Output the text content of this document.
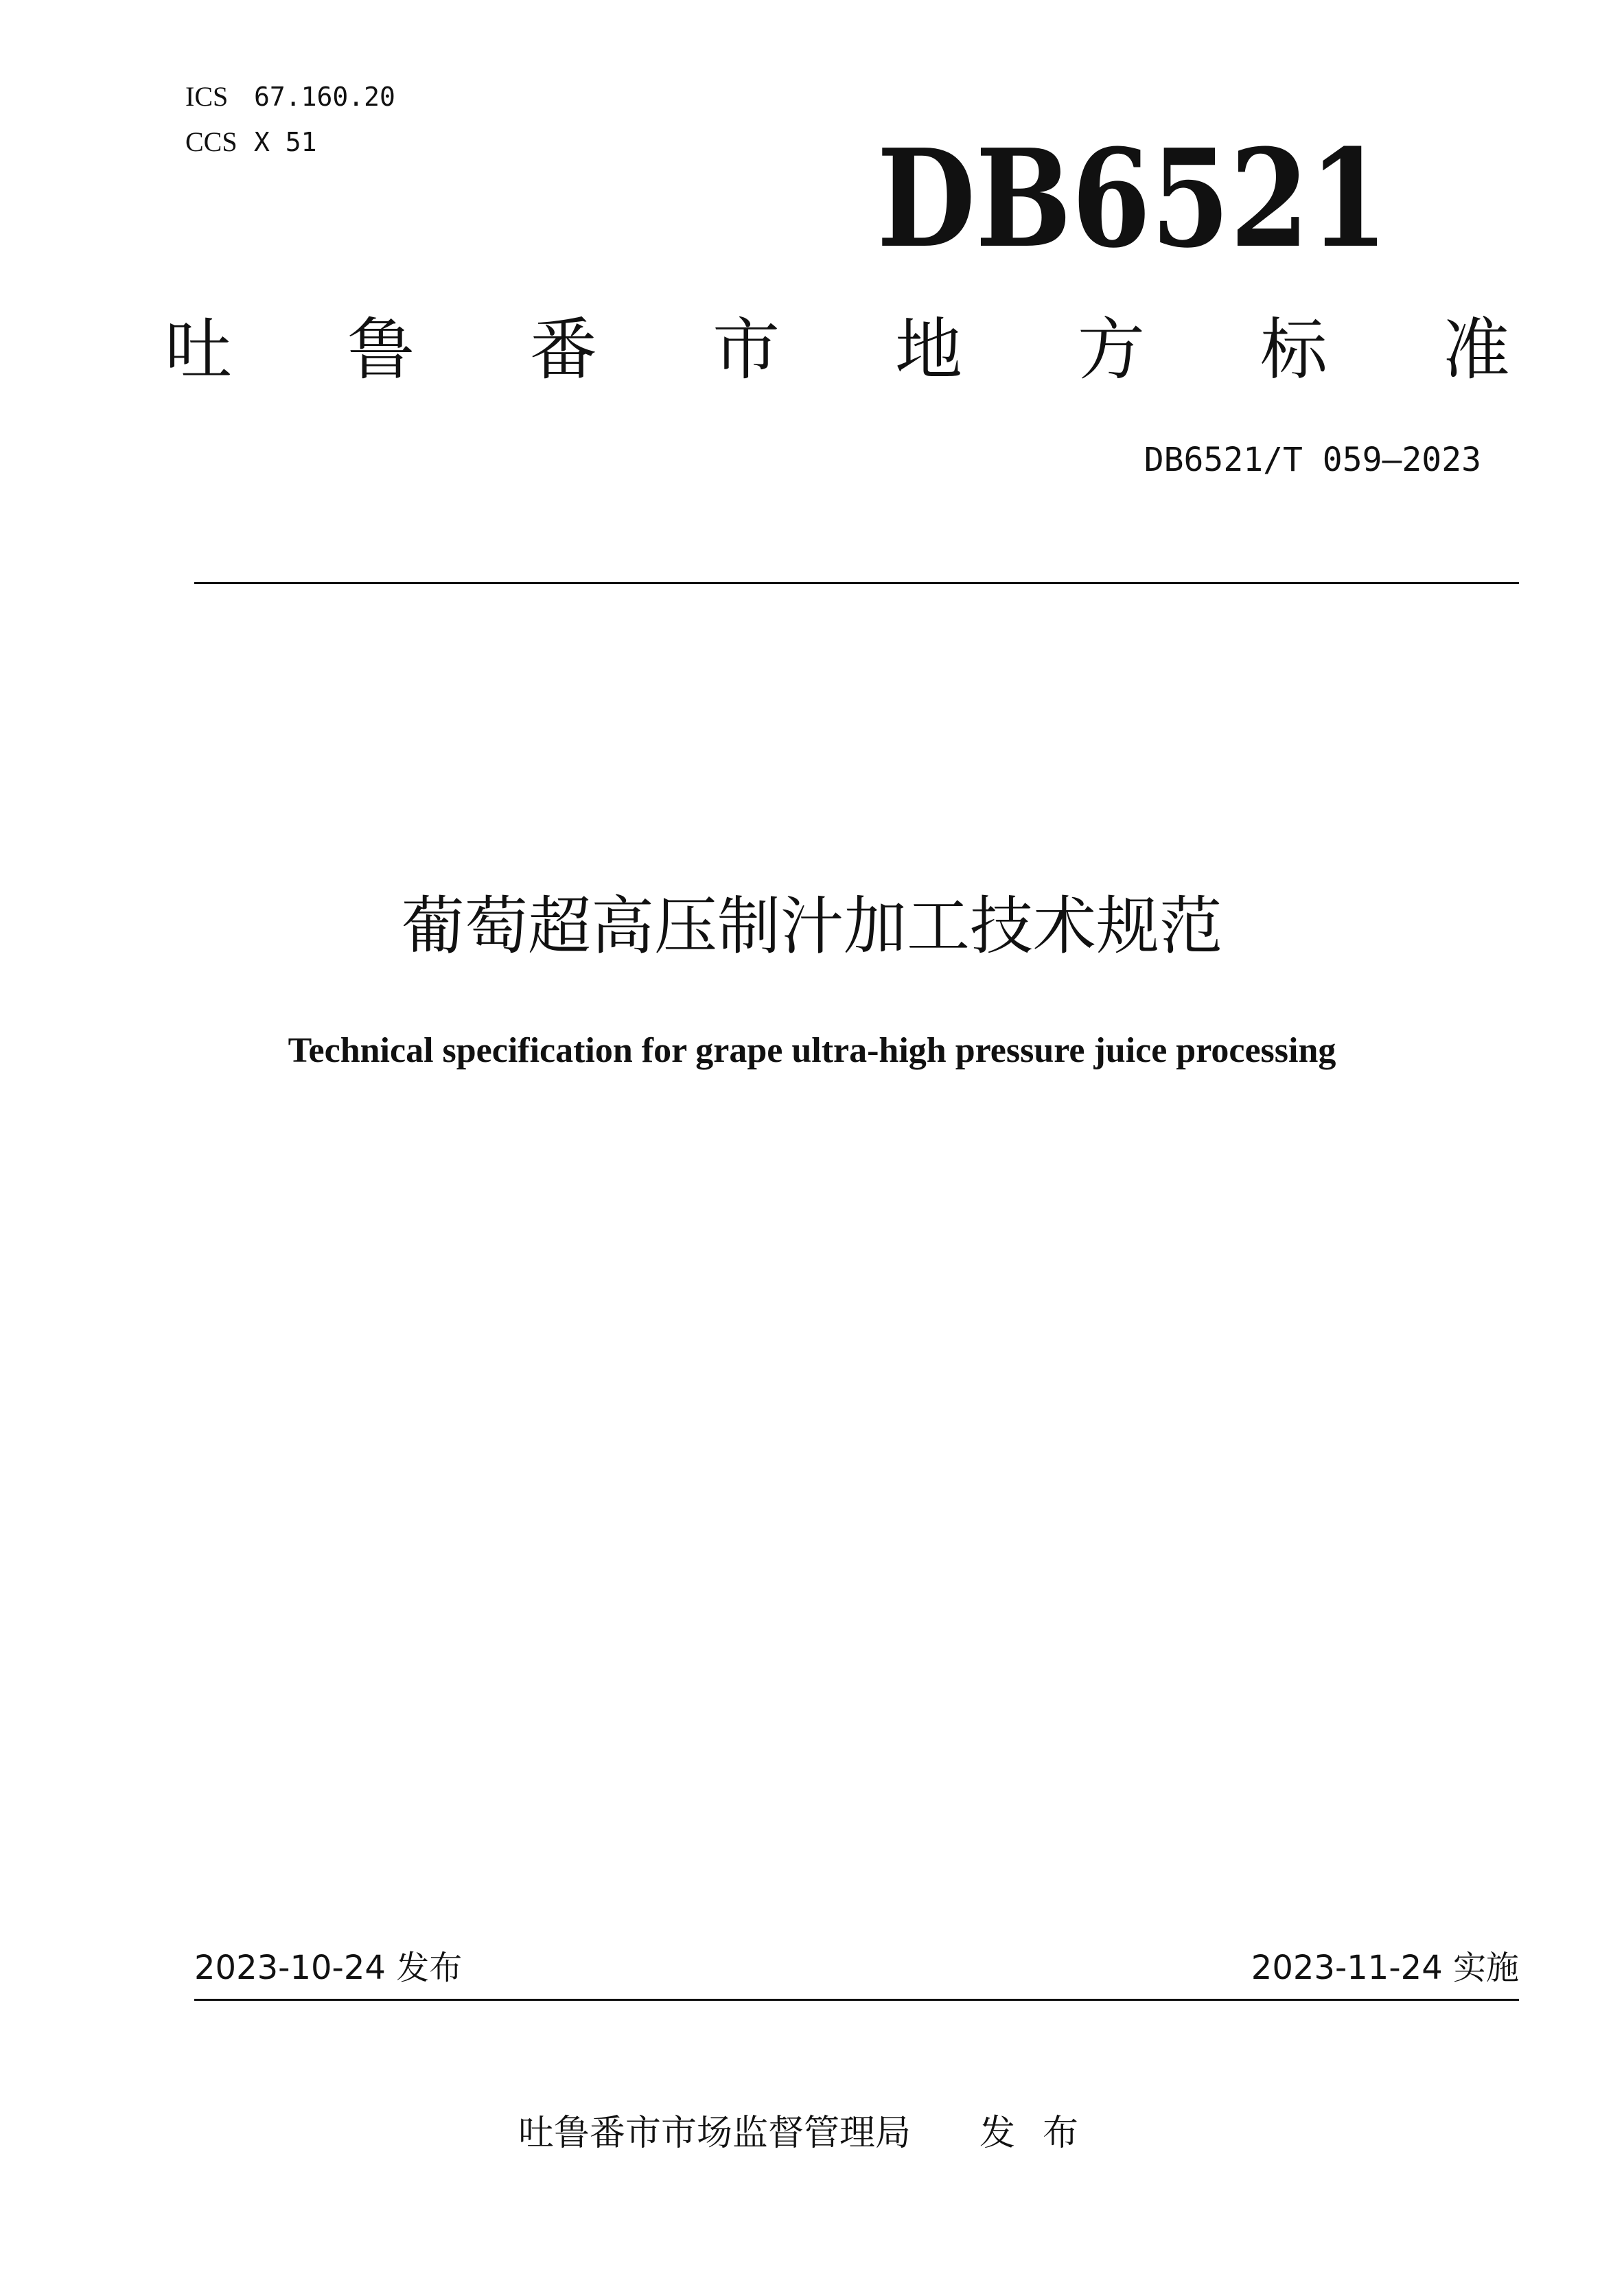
ICS 67.160.20
CCS X 51	DB6521
吐 鲁 番 市 地 方 标 准
DB6521/T 059—2023
葡萄超高压制汁加工技术规范
Technical specification for grape ultra-high pressure juice processing
2023-10-24 发布	2023-11-24 实施
吐鲁番市市场监督管理局 发布
